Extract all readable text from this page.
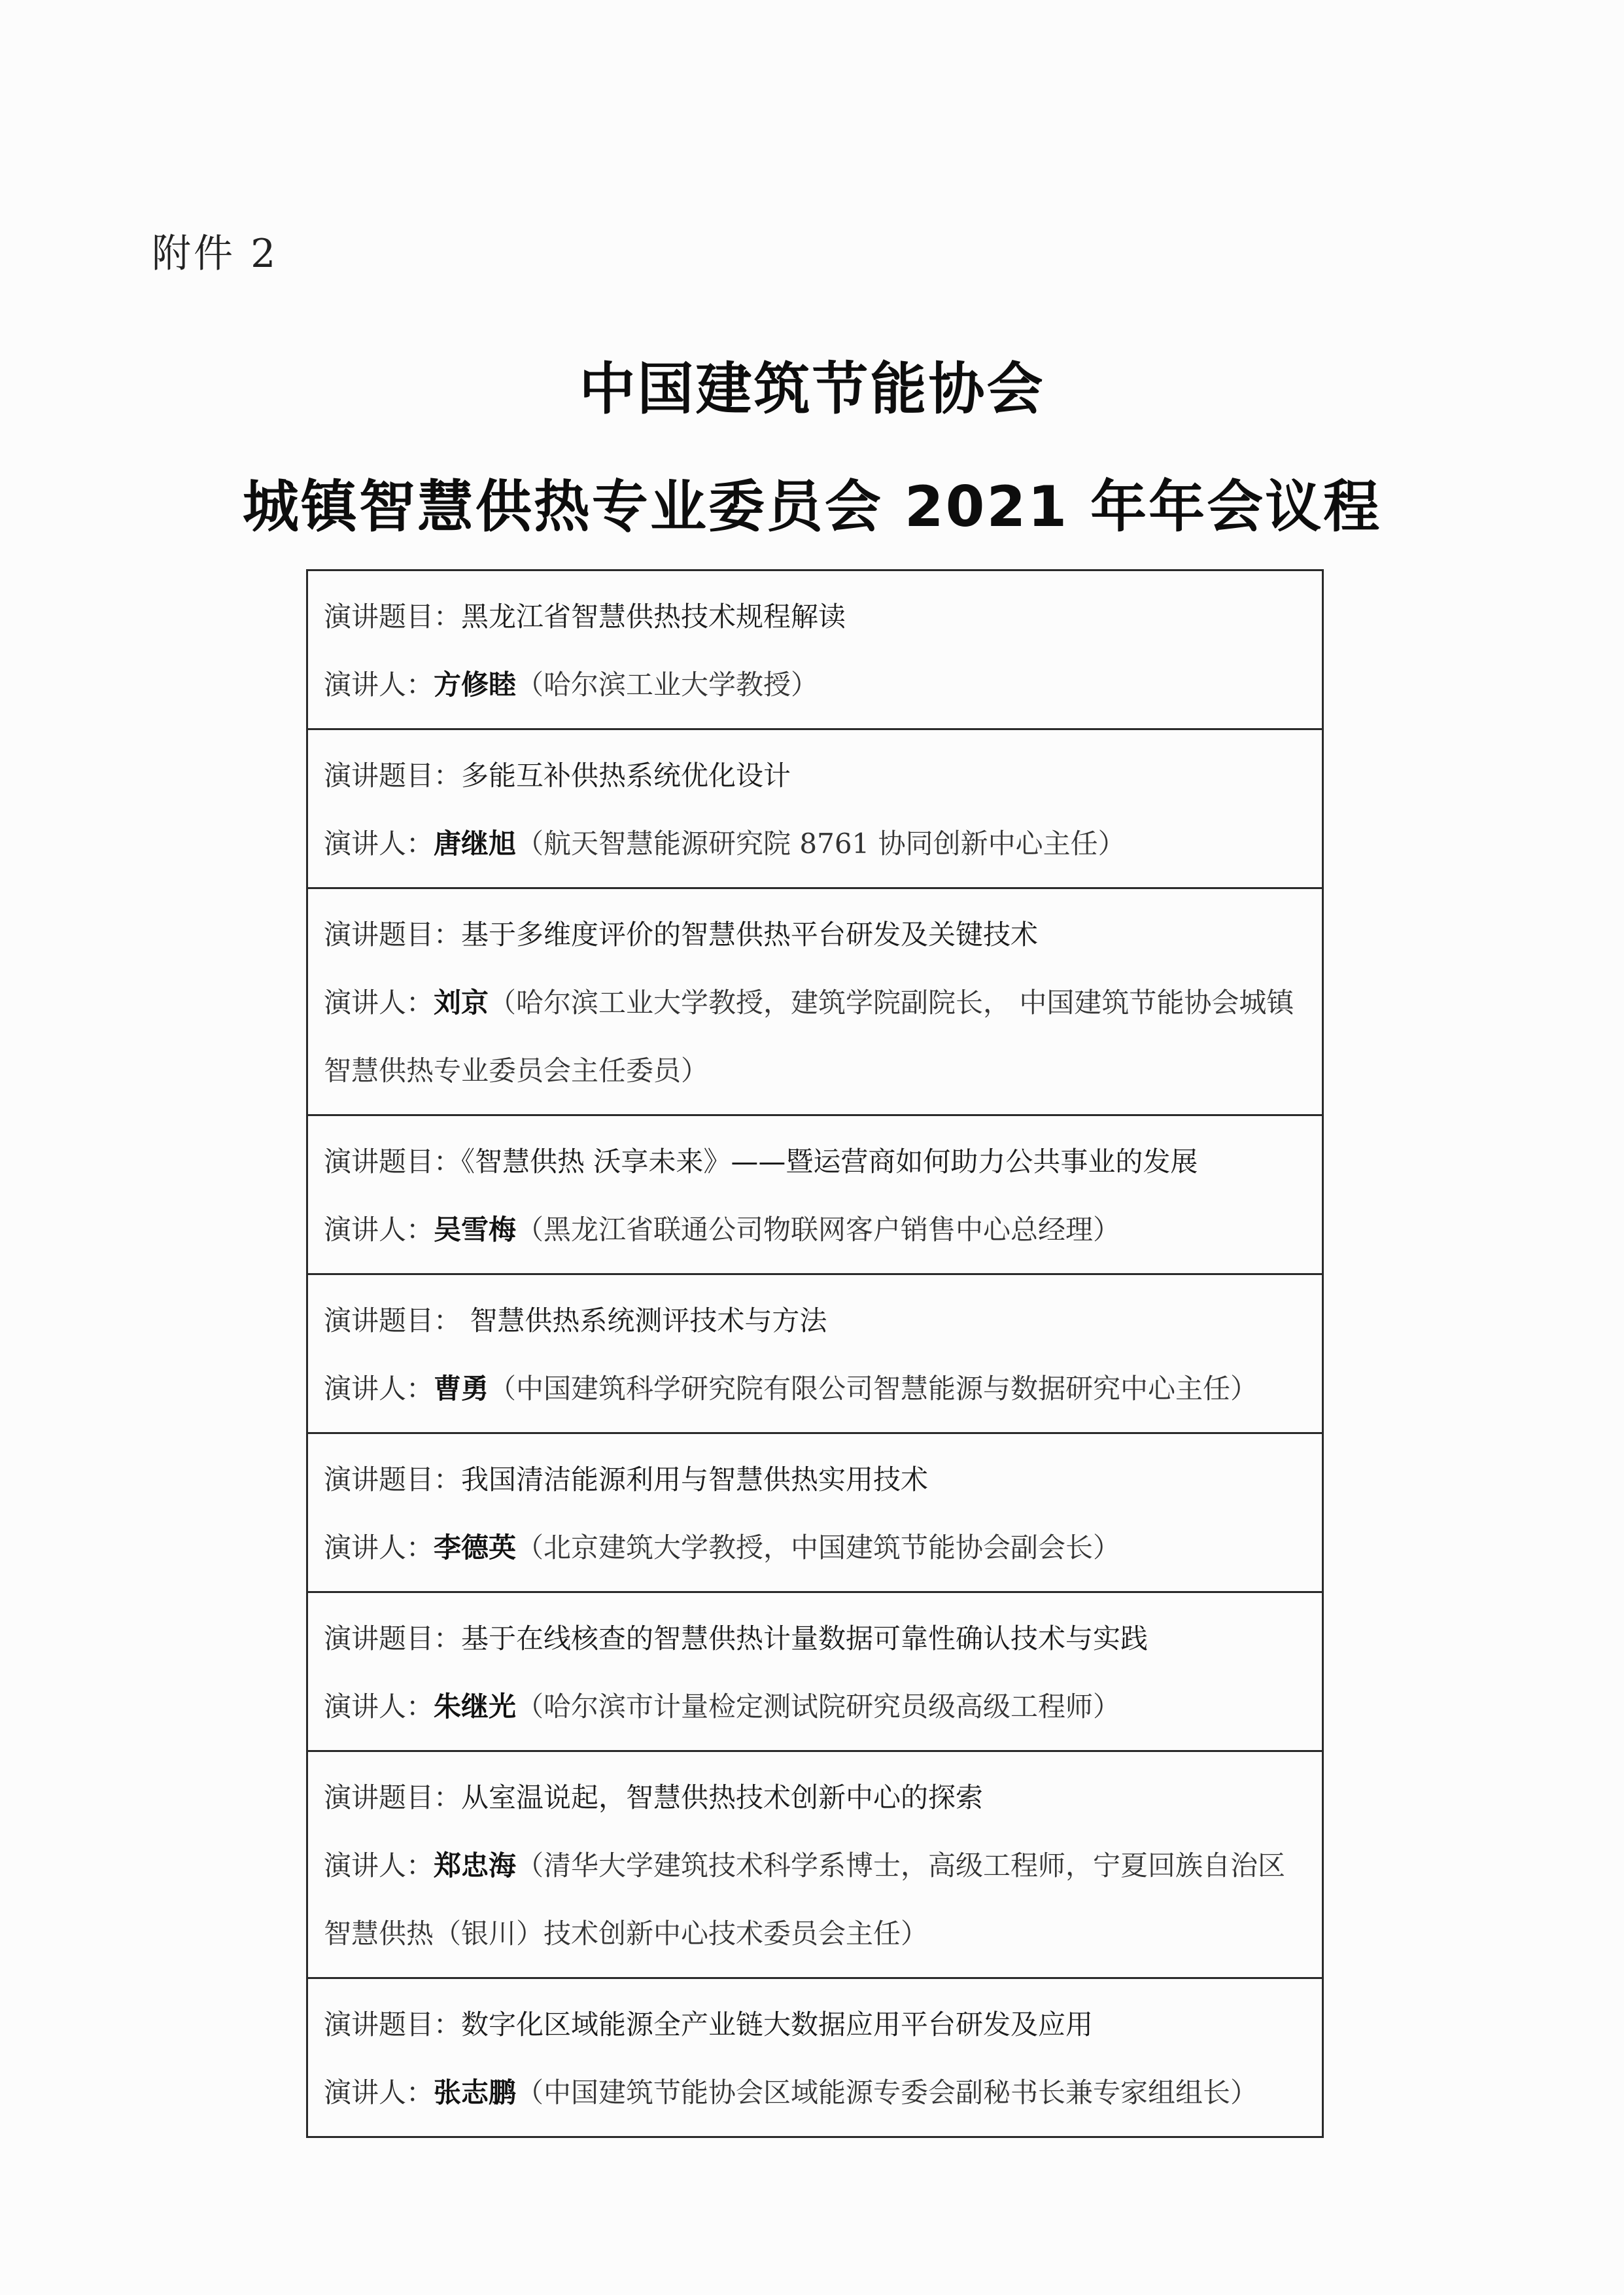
附件 2
中国建筑节能协会
城镇智慧供热专业委员会 2021 年年会议程
演讲题目：黑龙江省智慧供热技术规程解读
演讲人：方修睦（哈尔滨工业大学教授）
演讲题目：多能互补供热系统优化设计
演讲人：唐继旭（航天智慧能源研究院 8761 协同创新中心主任）
演讲题目：基于多维度评价的智慧供热平台研发及关键技术
演讲人：刘京（哈尔滨工业大学教授，建筑学院副院长， 中国建筑节能协会城镇智慧供热专业委员会主任委员）
演讲题目：《智慧供热 沃享未来》——暨运营商如何助力公共事业的发展
演讲人：吴雪梅（黑龙江省联通公司物联网客户销售中心总经理）
演讲题目： 智慧供热系统测评技术与方法
演讲人：曹勇（中国建筑科学研究院有限公司智慧能源与数据研究中心主任）
演讲题目：我国清洁能源利用与智慧供热实用技术
演讲人：李德英（北京建筑大学教授，中国建筑节能协会副会长）
演讲题目：基于在线核查的智慧供热计量数据可靠性确认技术与实践
演讲人：朱继光（哈尔滨市计量检定测试院研究员级高级工程师）
演讲题目：从室温说起，智慧供热技术创新中心的探索
演讲人：郑忠海（清华大学建筑技术科学系博士，高级工程师，宁夏回族自治区智慧供热（银川）技术创新中心技术委员会主任）
演讲题目：数字化区域能源全产业链大数据应用平台研发及应用
演讲人：张志鹏（中国建筑节能协会区域能源专委会副秘书长兼专家组组长）
